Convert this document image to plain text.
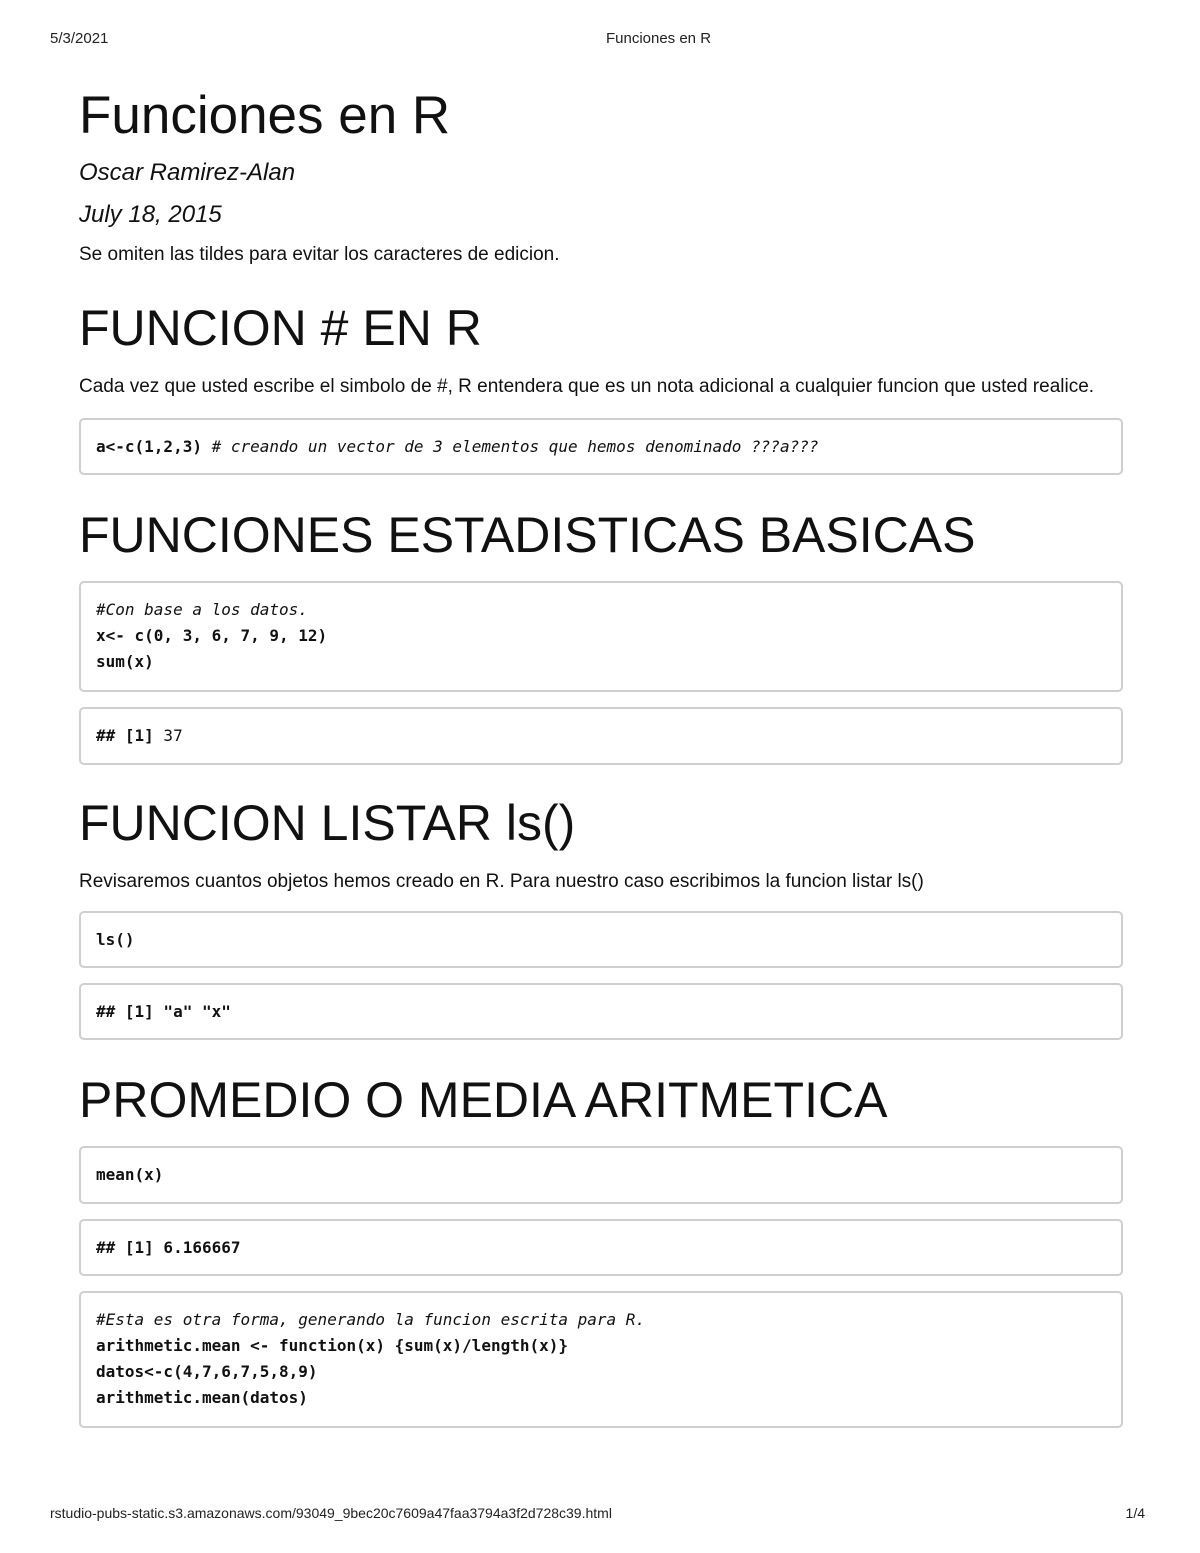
5/3/2021	Funciones en R
Funciones en R
Oscar Ramirez-Alan
July 18, 2015

Se omiten las tildes para evitar los caracteres de edicion.

FUNCION # EN R

Cada vez que usted escribe el simbolo de #, R entendera que es un nota adicional a cualquier funcion que usted realice.

a<-c(1,2,3) # creando un vector de 3 elementos que hemos denominado ???a???
FUNCIONES ESTADISTICAS BASICAS
#Con base a los datos.
x<- c(0, 3, 6, 7, 9, 12)
sum(x)
## [1] 37
FUNCION LISTAR ls()

Revisaremos cuantos objetos hemos creado en R. Para nuestro caso escribimos la funcion listar ls()

ls()
## [1] "a" "x"
PROMEDIO O MEDIA ARITMETICA
mean(x)
## [1] 6.166667
#Esta es otra forma, generando la funcion escrita para R.
arithmetic.mean <- function(x) {sum(x)/length(x)}
datos<-c(4,7,6,7,5,8,9)
arithmetic.mean(datos)
rstudio-pubs-static.s3.amazonaws.com/93049_9bec20c7609a47faa3794a3f2d728c39.html	1/4
